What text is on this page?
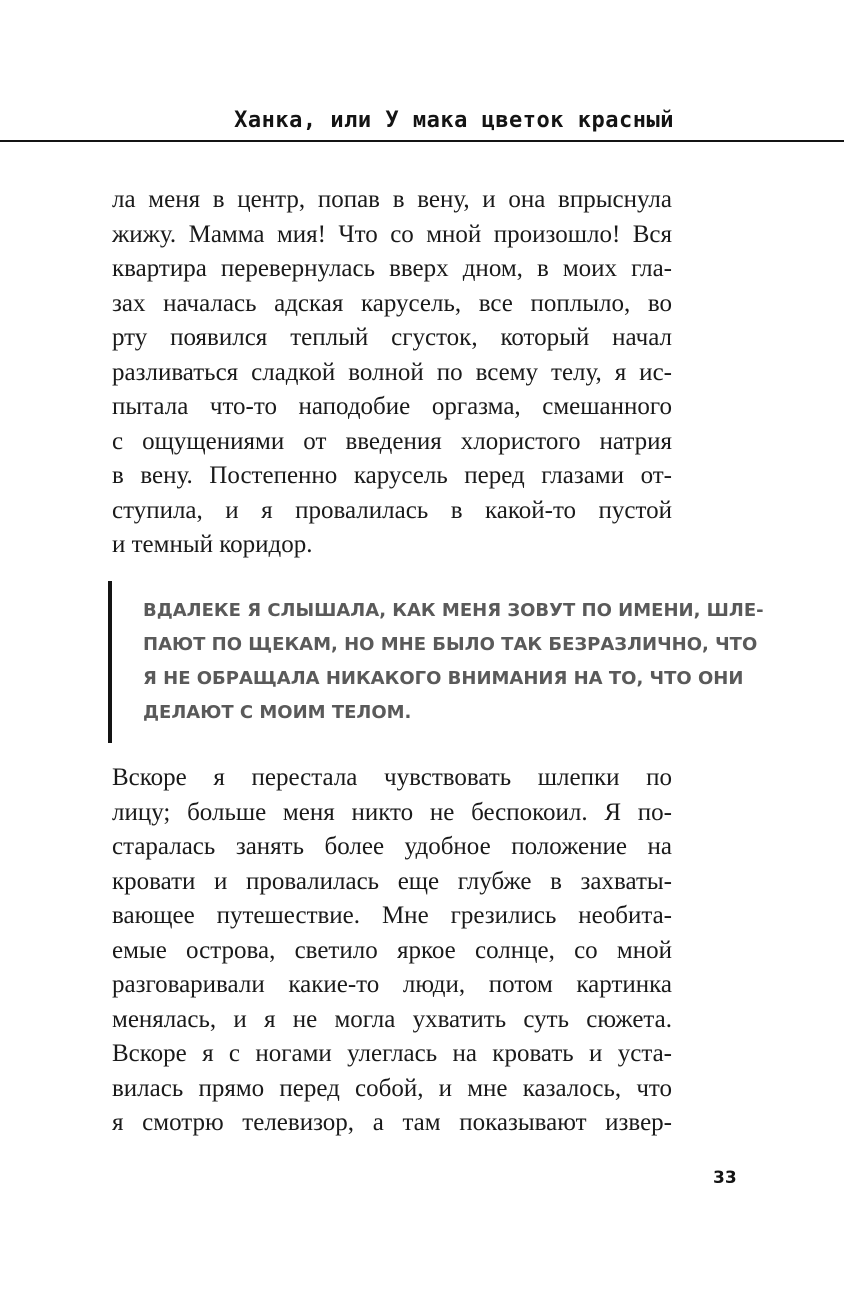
Ханка, или У мака цветок красный
ла меня в центр, попав в вену, и она впрыснула
жижу. Мамма мия! Что со мной произошло! Вся
квартира перевернулась вверх дном, в моих гла-
зах началась адская карусель, все поплыло, во
рту появился теплый сгусток, который начал
разливаться сладкой волной по всему телу, я ис-
пытала что-то наподобие оргазма, смешанного
с ощущениями от введения хлористого натрия
в вену. Постепенно карусель перед глазами от-
ступила, и я провалилась в какой-то пустой
и темный коридор.
ВДАЛЕКЕ Я СЛЫШАЛА, КАК МЕНЯ ЗОВУТ ПО ИМЕНИ, ШЛЕ-
ПАЮТ ПО ЩЕКАМ, НО МНЕ БЫЛО ТАК БЕЗРАЗЛИЧНО, ЧТО
Я НЕ ОБРАЩАЛА НИКАКОГО ВНИМАНИЯ НА ТО, ЧТО ОНИ
ДЕЛАЮТ С МОИМ ТЕЛОМ.
Вскоре я перестала чувствовать шлепки по
лицу; больше меня никто не беспокоил. Я по-
старалась занять более удобное положение на
кровати и провалилась еще глубже в захваты-
вающее путешествие. Мне грезились необита-
емые острова, светило яркое солнце, со мной
разговаривали какие-то люди, потом картинка
менялась, и я не могла ухватить суть сюжета.
Вскоре я с ногами улеглась на кровать и уста-
вилась прямо перед собой, и мне казалось, что
я смотрю телевизор, а там показывают извер-
33
